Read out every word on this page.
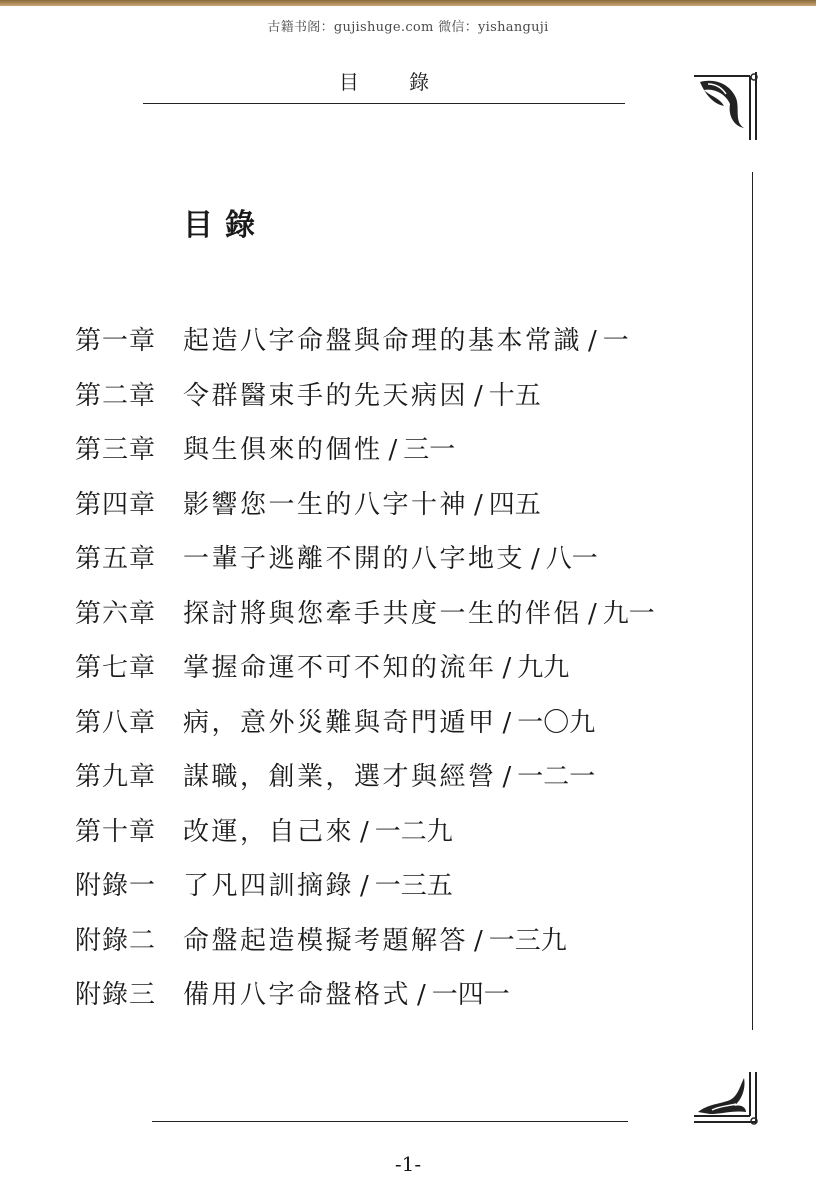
古籍书阁：gujishuge.com 微信：yishanguji
目 錄
目錄
第一章	起造八字命盤與命理的基本常識 / 一
第二章	令群醫束手的先天病因 / 十五
第三章	與生俱來的個性 / 三一
第四章	影響您一生的八字十神 / 四五
第五章	一輩子逃離不開的八字地支 / 八一
第六章	探討將與您牽手共度一生的伴侶 / 九一
第七章	掌握命運不可不知的流年 / 九九
第八章	病，意外災難與奇門遁甲 / 一〇九
第九章	謀職，創業，選才與經營 / 一二一
第十章	改運，自己來 / 一二九
附錄一	了凡四訓摘錄 / 一三五
附錄二	命盤起造模擬考題解答 / 一三九
附錄三	備用八字命盤格式 / 一四一
-1-
